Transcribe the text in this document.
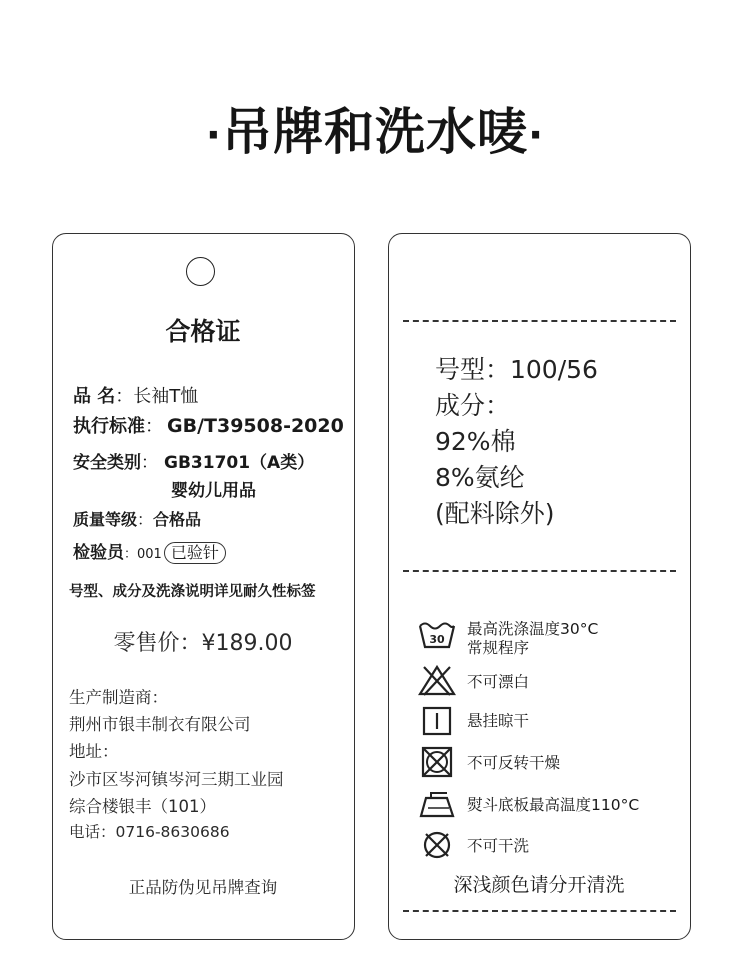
·吊牌和洗水唛·
合格证
品 名：长袖T恤
执行标准： GB/T39508-2020
安全类别： GB31701（A类）
婴幼儿用品
质量等级：合格品
检验员：001 已验针
号型、成分及洗涤说明详见耐久性标签
零售价：¥189.00
生产制造商：
荆州市银丰制衣有限公司
地址：
沙市区岑河镇岑河三期工业园
综合楼银丰（101）
电话：0716-8630686
正品防伪见吊牌查询
号型：100/56
成分：
92%棉
8%氨纶
(配料除外)
30
最高洗涤温度30°C
常规程序
不可漂白
悬挂晾干
不可反转干燥
熨斗底板最高温度110°C
不可干洗
深浅颜色请分开清洗
